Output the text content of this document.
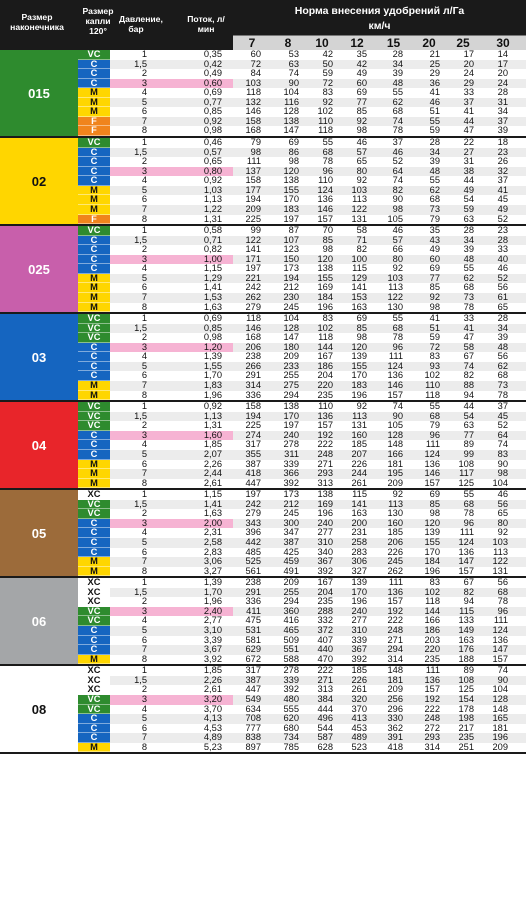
Размер наконечника
Размер капли 120°
Давление, бар
Поток, л/мин
Норма внесения удобрений л/Га
км/ч
7	8	10	12	15	20	25	30
015
VC	1	0,35	60	53	42	35	28	21	17	14
C	1,5	0,42	72	63	50	42	34	25	20	17
C	2	0,49	84	74	59	49	39	29	24	20
C	3	0,60	103	90	72	60	48	36	29	24
M	4	0,69	118	104	83	69	55	41	33	28
M	5	0,77	132	116	92	77	62	46	37	31
M	6	0,85	146	128	102	85	68	51	41	34
F	7	0,92	158	138	110	92	74	55	44	37
F	8	0,98	168	147	118	98	78	59	47	39
02
VC	1	0,46	79	69	55	46	37	28	22	18
C	1,5	0,57	98	86	68	57	46	34	27	23
C	2	0,65	111	98	78	65	52	39	31	26
C	3	0,80	137	120	96	80	64	48	38	32
C	4	0,92	158	138	110	92	74	55	44	37
M	5	1,03	177	155	124	103	82	62	49	41
M	6	1,13	194	170	136	113	90	68	54	45
M	7	1,22	209	183	146	122	98	73	59	49
F	8	1,31	225	197	157	131	105	79	63	52
025
VC	1	0,58	99	87	70	58	46	35	28	23
C	1,5	0,71	122	107	85	71	57	43	34	28
C	2	0,82	141	123	98	82	66	49	39	33
C	3	1,00	171	150	120	100	80	60	48	40
C	4	1,15	197	173	138	115	92	69	55	46
M	5	1,29	221	194	155	129	103	77	62	52
M	6	1,41	242	212	169	141	113	85	68	56
M	7	1,53	262	230	184	153	122	92	73	61
M	8	1,63	279	245	196	163	130	98	78	65
03
VC	1	0,69	118	104	83	69	55	41	33	28
VC	1,5	0,85	146	128	102	85	68	51	41	34
VC	2	0,98	168	147	118	98	78	59	47	39
C	3	1,20	206	180	144	120	96	72	58	48
C	4	1,39	238	209	167	139	111	83	67	56
C	5	1,55	266	233	186	155	124	93	74	62
C	6	1,70	291	255	204	170	136	102	82	68
M	7	1,83	314	275	220	183	146	110	88	73
M	8	1,96	336	294	235	196	157	118	94	78
04
VC	1	0,92	158	138	110	92	74	55	44	37
VC	1,5	1,13	194	170	136	113	90	68	54	45
VC	2	1,31	225	197	157	131	105	79	63	52
C	3	1,60	274	240	192	160	128	96	77	64
C	4	1,85	317	278	222	185	148	111	89	74
C	5	2,07	355	311	248	207	166	124	99	83
M	6	2,26	387	339	271	226	181	136	108	90
M	7	2,44	418	366	293	244	195	146	117	98
M	8	2,61	447	392	313	261	209	157	125	104
05
XC	1	1,15	197	173	138	115	92	69	55	46
VC	1,5	1,41	242	212	169	141	113	85	68	56
VC	2	1,63	279	245	196	163	130	98	78	65
C	3	2,00	343	300	240	200	160	120	96	80
C	4	2,31	396	347	277	231	185	139	111	92
C	5	2,58	442	387	310	258	206	155	124	103
C	6	2,83	485	425	340	283	226	170	136	113
M	7	3,06	525	459	367	306	245	184	147	122
M	8	3,27	561	491	392	327	262	196	157	131
06
XC	1	1,39	238	209	167	139	111	83	67	56
XC	1,5	1,70	291	255	204	170	136	102	82	68
XC	2	1,96	336	294	235	196	157	118	94	78
VC	3	2,40	411	360	288	240	192	144	115	96
VC	4	2,77	475	416	332	277	222	166	133	111
C	5	3,10	531	465	372	310	248	186	149	124
C	6	3,39	581	509	407	339	271	203	163	136
C	7	3,67	629	551	440	367	294	220	176	147
M	8	3,92	672	588	470	392	314	235	188	157
08
XC	1	1,85	317	278	222	185	148	111	89	74
XC	1,5	2,26	387	339	271	226	181	136	108	90
XC	2	2,61	447	392	313	261	209	157	125	104
VC	3	3,20	549	480	384	320	256	192	154	128
VC	4	3,70	634	555	444	370	296	222	178	148
C	5	4,13	708	620	496	413	330	248	198	165
C	6	4,53	777	680	544	453	362	272	217	181
C	7	4,89	838	734	587	489	391	293	235	196
M	8	5,23	897	785	628	523	418	314	251	209
